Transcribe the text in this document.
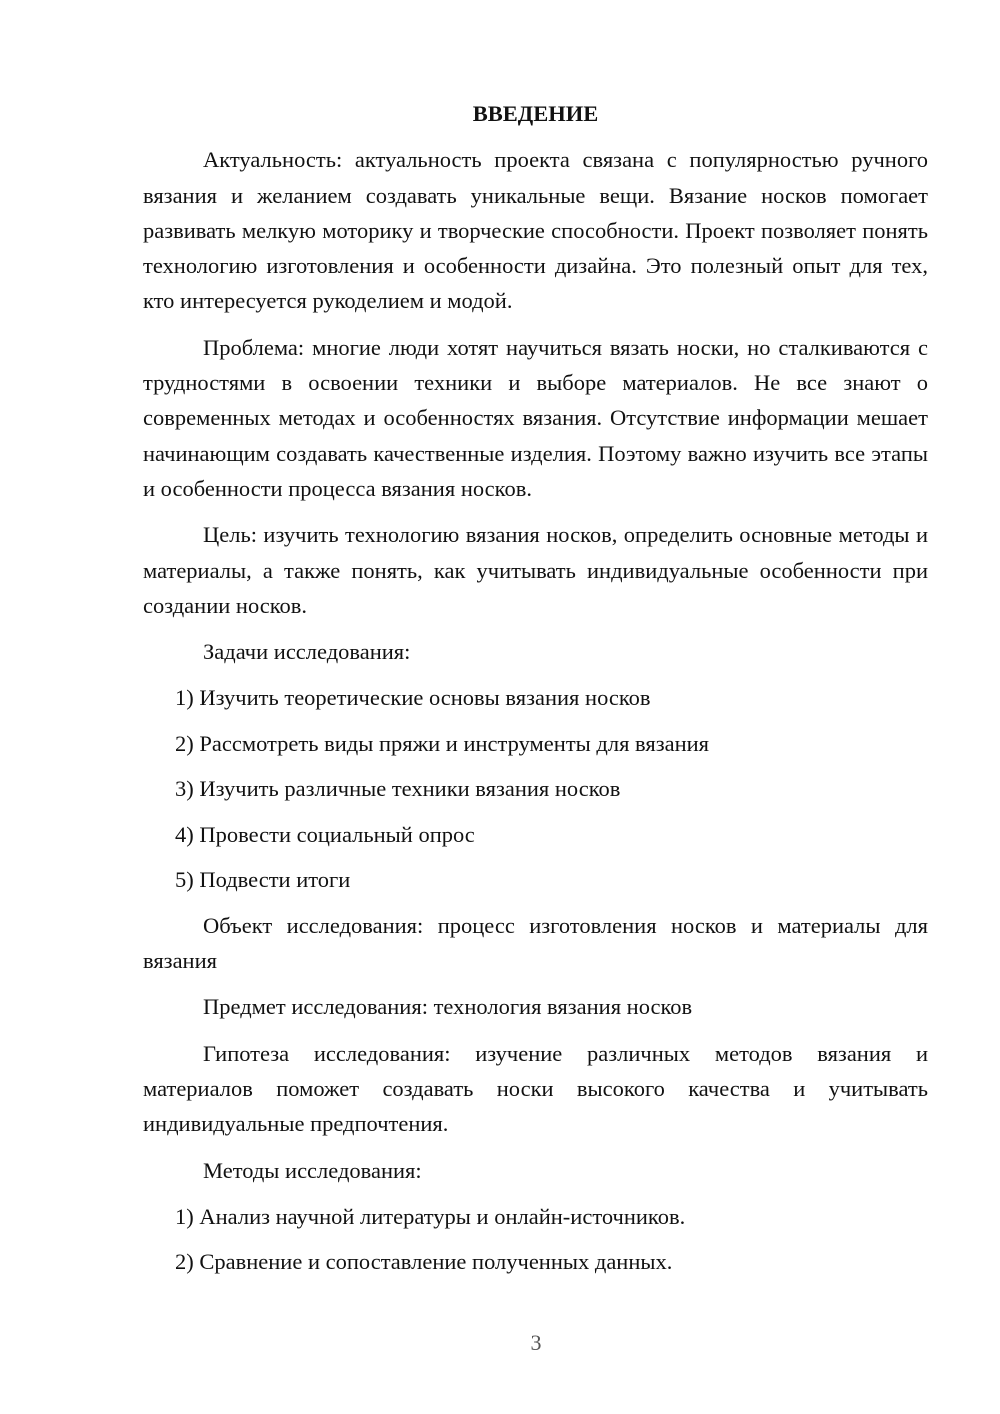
ВВЕДЕНИЕ

Актуальность: актуальность проекта связана с популярностью ручного вязания и желанием создавать уникальные вещи. Вязание носков помогает развивать мелкую моторику и творческие способности. Проект позволяет понять технологию изготовления и особенности дизайна. Это полезный опыт для тех, кто интересуется рукоделием и модой.

Проблема: многие люди хотят научиться вязать носки, но сталкиваются с трудностями в освоении техники и выборе материалов. Не все знают о современных методах и особенностях вязания. Отсутствие информации мешает начинающим создавать качественные изделия. Поэтому важно изучить все этапы и особенности процесса вязания носков.

Цель: изучить технологию вязания носков, определить основные методы и материалы, а также понять, как учитывать индивидуальные особенности при создании носков.

Задачи исследования:

1) Изучить теоретические основы вязания носков
2) Рассмотреть виды пряжи и инструменты для вязания
3) Изучить различные техники вязания носков
4) Провести социальный опрос
5) Подвести итоги

Объект исследования: процесс изготовления носков и материалы для вязания

Предмет исследования: технология вязания носков

Гипотеза исследования: изучение различных методов вязания и материалов поможет создавать носки высокого качества и учитывать индивидуальные предпочтения.

Методы исследования:

1) Анализ научной литературы и онлайн-источников.
2) Сравнение и сопоставление полученных данных.
3
